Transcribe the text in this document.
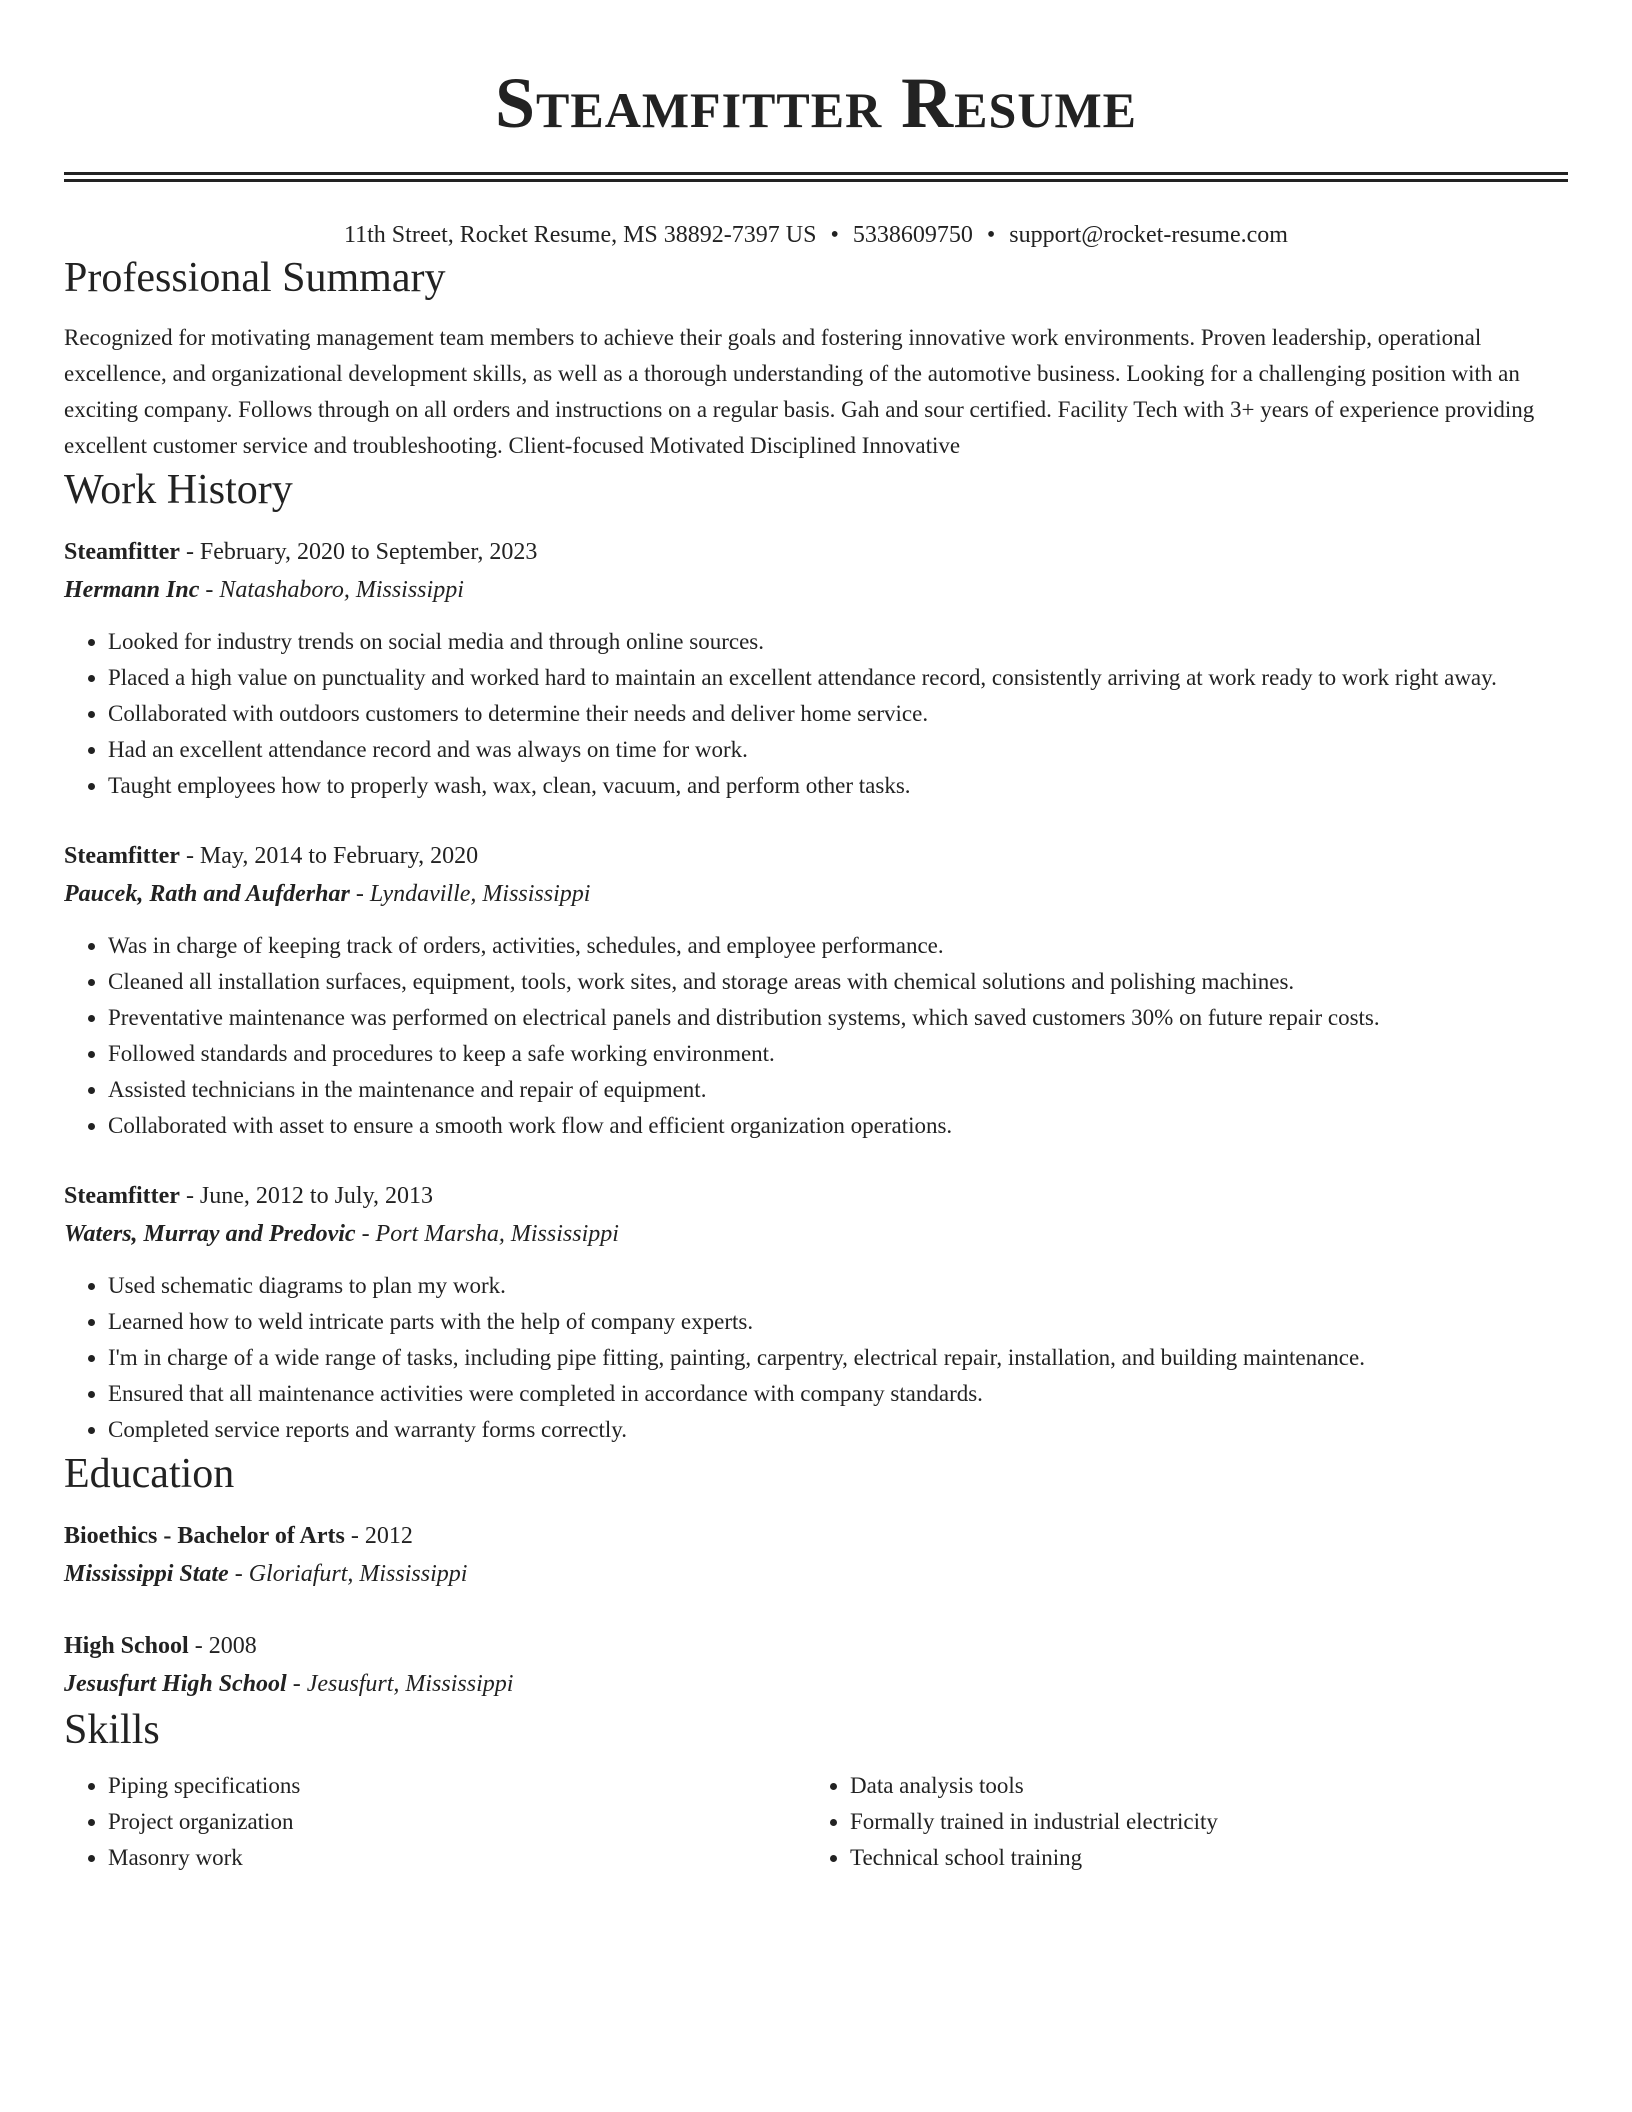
Steamfitter Resume
11th Street, Rocket Resume, MS 38892-7397 US • 5338609750 • support@rocket-resume.com
Professional Summary
Recognized for motivating management team members to achieve their goals and fostering innovative work environments. Proven leadership, operational excellence, and organizational development skills, as well as a thorough understanding of the automotive business. Looking for a challenging position with an exciting company. Follows through on all orders and instructions on a regular basis. Gah and sour certified. Facility Tech with 3+ years of experience providing excellent customer service and troubleshooting. Client-focused Motivated Disciplined Innovative
Work History
Steamfitter - February, 2020 to September, 2023
Hermann Inc - Natashaboro, Mississippi
• Looked for industry trends on social media and through online sources.
• Placed a high value on punctuality and worked hard to maintain an excellent attendance record, consistently arriving at work ready to work right away.
• Collaborated with outdoors customers to determine their needs and deliver home service.
• Had an excellent attendance record and was always on time for work.
• Taught employees how to properly wash, wax, clean, vacuum, and perform other tasks.
Steamfitter - May, 2014 to February, 2020
Paucek, Rath and Aufderhar - Lyndaville, Mississippi
• Was in charge of keeping track of orders, activities, schedules, and employee performance.
• Cleaned all installation surfaces, equipment, tools, work sites, and storage areas with chemical solutions and polishing machines.
• Preventative maintenance was performed on electrical panels and distribution systems, which saved customers 30% on future repair costs.
• Followed standards and procedures to keep a safe working environment.
• Assisted technicians in the maintenance and repair of equipment.
• Collaborated with asset to ensure a smooth work flow and efficient organization operations.
Steamfitter - June, 2012 to July, 2013
Waters, Murray and Predovic - Port Marsha, Mississippi
• Used schematic diagrams to plan my work.
• Learned how to weld intricate parts with the help of company experts.
• I'm in charge of a wide range of tasks, including pipe fitting, painting, carpentry, electrical repair, installation, and building maintenance.
• Ensured that all maintenance activities were completed in accordance with company standards.
• Completed service reports and warranty forms correctly.
Education
Bioethics - Bachelor of Arts - 2012
Mississippi State - Gloriafurt, Mississippi
High School - 2008
Jesusfurt High School - Jesusfurt, Mississippi
Skills
• Piping specifications
• Project organization
• Masonry work
• Data analysis tools
• Formally trained in industrial electricity
• Technical school training
